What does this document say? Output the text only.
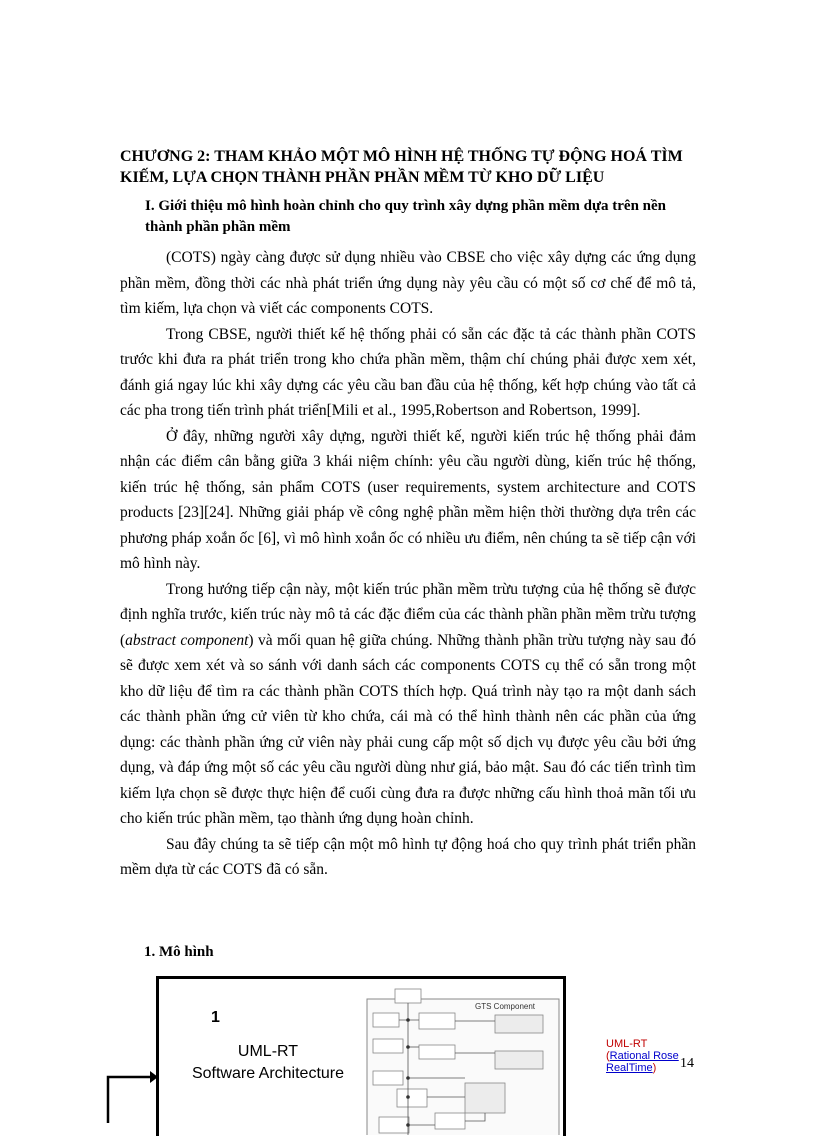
CHƯƠNG 2: THAM KHẢO MỘT MÔ HÌNH HỆ THỐNG TỰ ĐỘNG HOÁ TÌM KIẾM, LỰA CHỌN THÀNH PHẦN PHẦN MỀM TỪ KHO DỮ LIỆU
I. Giới thiệu mô hình hoàn chỉnh cho quy trình xây dựng phần mềm dựa trên nền thành phần phần mềm

(COTS) ngày càng được sử dụng nhiều vào CBSE cho việc xây dựng các ứng dụng phần mềm, đồng thời các nhà phát triển ứng dụng này yêu cầu có một số cơ chế để mô tả, tìm kiếm, lựa chọn và viết các components COTS.

Trong CBSE, người thiết kế hệ thống phải có sẵn các đặc tả các thành phần COTS trước khi đưa ra phát triển trong kho chứa phần mềm, thậm chí chúng phải được xem xét, đánh giá ngay lúc khi xây dựng các yêu cầu ban đầu của hệ thống, kết hợp chúng vào tất cả các pha trong tiến trình phát triển[Mili et al., 1995,Robertson and Robertson, 1999].

Ở đây, những người xây dựng, người thiết kế, người kiến trúc hệ thống phải đảm nhận các điểm cân bằng giữa 3 khái niệm chính: yêu cầu người dùng, kiến trúc hệ thống, kiến trúc hệ thống, sản phẩm COTS (user requirements, system architecture and COTS products [23][24]. Những giải pháp về công nghệ phần mềm hiện thời thường dựa trên các phương pháp xoắn ốc [6], vì mô hình xoắn ốc có nhiều ưu điểm, nên chúng ta sẽ tiếp cận với mô hình này.

Trong hướng tiếp cận này, một kiến trúc phần mềm trừu tượng của hệ thống sẽ được định nghĩa trước, kiến trúc này mô tả các đặc điểm của các thành phần phần mềm trừu tượng (abstract component) và mối quan hệ giữa chúng. Những thành phần trừu tượng này sau đó sẽ được xem xét và so sánh với danh sách các components COTS cụ thể có sẵn trong một kho dữ liệu để tìm ra các thành phần COTS thích hợp. Quá trình này tạo ra một danh sách các thành phần ứng cử viên từ kho chứa, cái mà có thể hình thành nên các phần của ứng dụng: các thành phần ứng cử viên này phải cung cấp một số dịch vụ được yêu cầu bởi ứng dụng, và đáp ứng một số các yêu cầu người dùng như giá, bảo mật. Sau đó các tiến trình tìm kiếm lựa chọn sẽ được thực hiện để cuối cùng đưa ra được những cấu hình thoả mãn tối ưu cho kiến trúc phần mềm, tạo thành ứng dụng hoàn chỉnh.

Sau đây chúng ta sẽ tiếp cận một mô hình tự động hoá cho quy trình phát triển phần mềm dựa từ các COTS đã có sẵn.

1. Mô hình
1
UML-RT
Software Architecture
GTS Component
UML-RT
(Rational Rose
RealTime)	14
